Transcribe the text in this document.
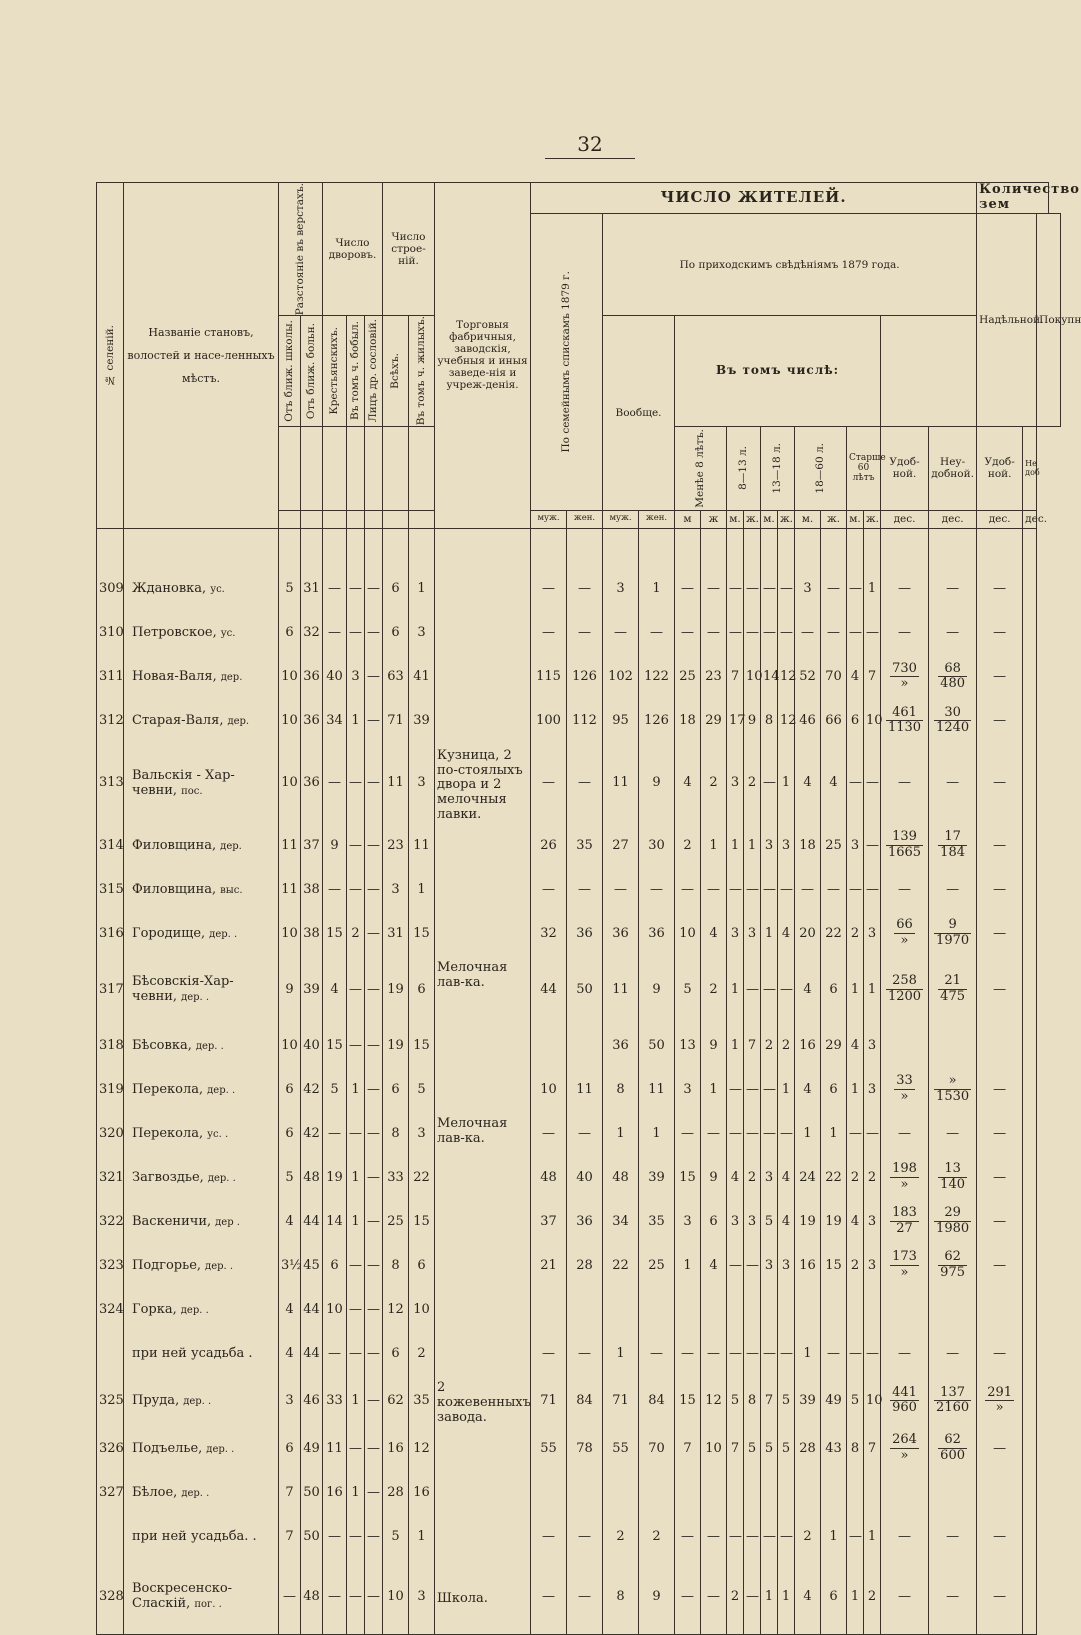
32
№ селеній.	Названіе становъ, волостей и насе-ленныхъ мѣстъ.	Разстояніе въ верстахъ.		Число дворовъ.			Число строе-ній.		Торговыя фабричныя, заводскія, учебныя и иныя заведе-нія и учреж-денія.	ЧИСЛО ЖИТЕЛЕЙ.																Количество зем		

										По семейнымъ спискамъ 1879 г.		По приходскимъ свѣдѣніямъ 1879 года.														Надѣльной.		Покупн

		Отъ ближ. школы.	Отъ ближ. больн.	Крестьянскихъ.	Въ томъ ч. бобыл.	Лицъ др. сословій.	Всѣхъ.	Въ томъ ч. жилыхъ.				Вообще.		Въ томъ числѣ:														

														Менѣе 8 лѣтъ.		8—13 л.		13—18 л.		18—60 л.		Старше 60 лѣтъ		Удоб-ной.	Неу-добной.	Удоб-ной.	Не доб	
										муж.	жен.	муж.	жен.	м	ж	м.	ж.	м.	ж.	м.	ж.	м.	ж.	дес.	дес.	дес.	дес.	

309	Ждановка, ус.	5	31	—	—	—	6	1		—	—	3	1	—	—	—	—	—	—	3	—	—	1	—	—	—		
310	Петровское, ус.	6	32	—	—	—	6	3		—	—	—	—	—	—	—	—	—	—	—	—	—	—	—	—	—		
311	Новая-Валя, дер.	10	36	40	3	—	63	41		115	126	102	122	25	23	7	10	14	12	52	70	4	7	$\frac{730}{»}$	$\frac{68}{480}$	—		
312	Старая-Валя, дер.	10	36	34	1	—	71	39		100	112	95	126	18	29	17	9	8	12	46	66	6	10	$\frac{461}{1130}$	$\frac{30}{1240}$	—		
313	Вальскія - Хар- чевни, пос.	10	36	—	—	—	11	3	Кузница, 2 по-стоялыхъ двора и 2 мелочныя лавки.	—	—	11	9	4	2	3	2	—	1	4	4	—	—	—	—	—		
314	Филовщина, дер.	11	37	9	—	—	23	11		26	35	27	30	2	1	1	1	3	3	18	25	3	—	$\frac{139}{1665}$	$\frac{17}{184}$	—		
315	Филовщина, выс.	11	38	—	—	—	3	1		—	—	—	—	—	—	—	—	—	—	—	—	—	—	—	—	—		
316	Городище, дер. .	10	38	15	2	—	31	15		32	36	36	36	10	4	3	3	1	4	20	22	2	3	$\frac{66}{»}$	$\frac{9}{1970}$	—		
317	Бѣсовскія-Хар- чевни, дер. .	9	39	4	—	—	19	6	Мелочная лав-ка.	44	50	11	9	5	2	1	—	—	—	4	6	1	1	$\frac{258}{1200}$	$\frac{21}{475}$	—		
318	Бѣсовка, дер. .	10	40	15	—	—	19	15				36	50	13	9	1	7	2	2	16	29	4	3					
319	Перекола, дер. .	6	42	5	1	—	6	5		10	11	8	11	3	1	—	—	—	1	4	6	1	3	$\frac{33}{»}$	$\frac{»}{1530}$	—		
320	Перекола, ус. .	6	42	—	—	—	8	3	Мелочная лав-ка.	—	—	1	1	—	—	—	—	—	—	1	1	—	—	—	—	—		
321	Загвоздье, дер. .	5	48	19	1	—	33	22		48	40	48	39	15	9	4	2	3	4	24	22	2	2	$\frac{198}{»}$	$\frac{13}{140}$	—		
322	Васкеничи, дер .	4	44	14	1	—	25	15		37	36	34	35	3	6	3	3	5	4	19	19	4	3	$\frac{183}{27}$	$\frac{29}{1980}$	—		
323	Подгорье, дер. .	3½	45	6	—	—	8	6		21	28	22	25	1	4	—	—	3	3	16	15	2	3	$\frac{173}{»}$	$\frac{62}{975}$	—		
324	Горка, дер. .	4	44	10	—	—	12	10																				
	при ней усадьба .	4	44	—	—	—	6	2		—	—	1	—	—	—	—	—	—	—	1	—	—	—	—	—	—		
325	Пруда, дер. .	3	46	33	1	—	62	35	2 кожевенныхъ завода.	71	84	71	84	15	12	5	8	7	5	39	49	5	10	$\frac{441}{960}$	$\frac{137}{2160}$	$\frac{291}{»}$

326	Подъелье, дер. .	6	49	11	—	—	16	12		55	78	55	70	7	10	7	5	5	5	28	43	8	7	$\frac{264}{»}$	$\frac{62}{600}$	—		
327	Бѣлое, дер. .	7	50	16	1	—	28	16																				
	при ней усадьба. .	7	50	—	—	—	5	1		—	—	2	2	—	—	—	—	—	—	2	1	—	1	—	—	—		
328	Воскресенско- Сласкій, пог. .	—	48	—	—	—	10	3	Школа.	—	—	8	9	—	—	2	—	1	1	4	6	1	2	—	—	—		
